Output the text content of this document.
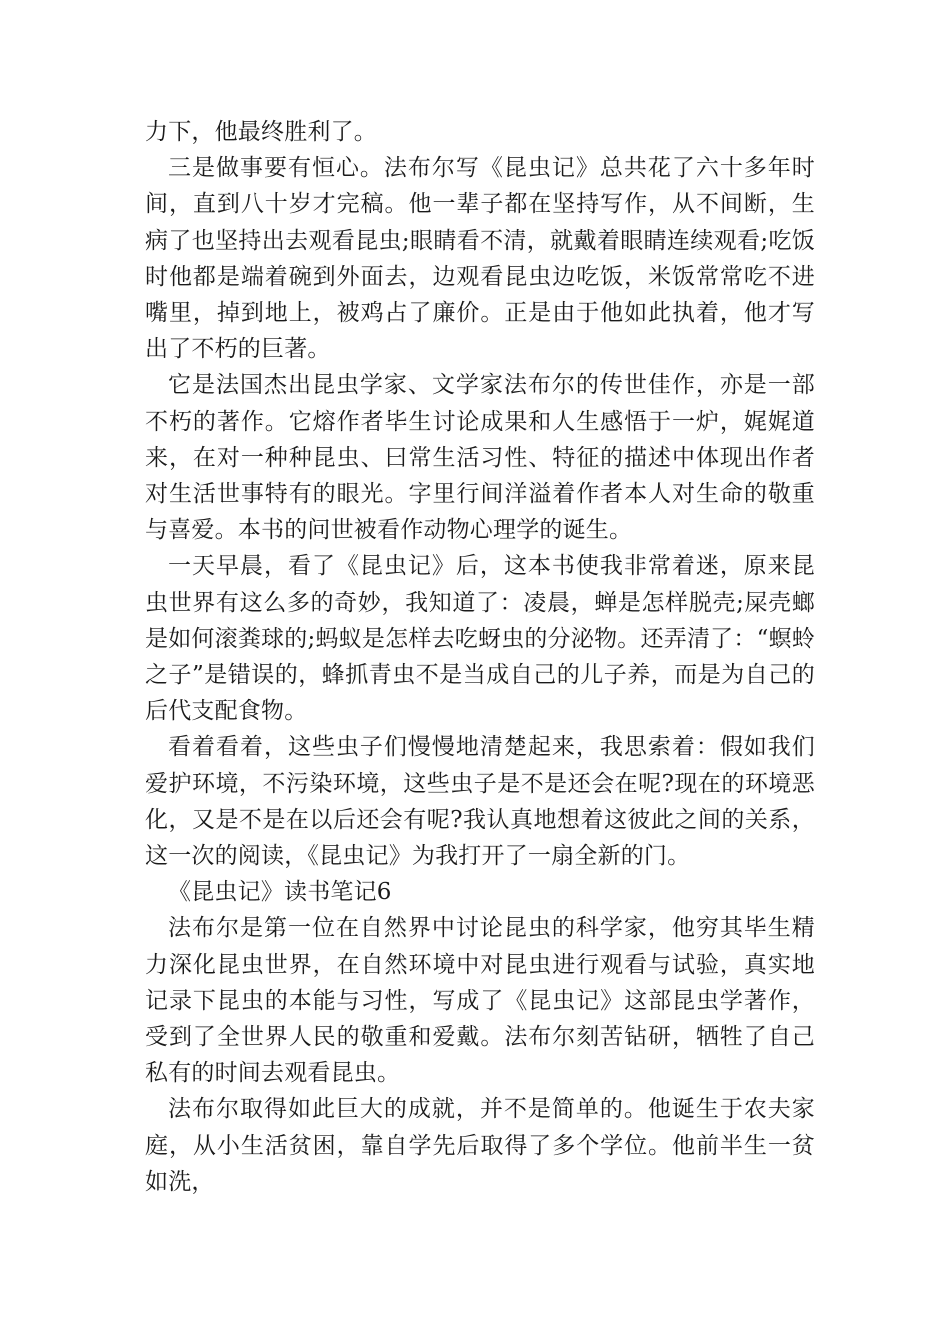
力下，他最终胜利了。

三是做事要有恒心。法布尔写《昆虫记》总共花了六十多年时间，直到八十岁才完稿。他一辈子都在坚持写作，从不间断，生病了也坚持出去观看昆虫;眼睛看不清，就戴着眼睛连续观看;吃饭时他都是端着碗到外面去，边观看昆虫边吃饭，米饭常常吃不进嘴里，掉到地上，被鸡占了廉价。正是由于他如此执着，他才写出了不朽的巨著。

它是法国杰出昆虫学家、文学家法布尔的传世佳作，亦是一部不朽的著作。它熔作者毕生讨论成果和人生感悟于一炉，娓娓道来，在对一种种昆虫、曰常生活习性、特征的描述中体现出作者对生活世事特有的眼光。字里行间洋溢着作者本人对生命的敬重与喜爱。本书的问世被看作动物心理学的诞生。

一天早晨，看了《昆虫记》后，这本书使我非常着迷，原来昆虫世界有这么多的奇妙，我知道了：凌晨，蝉是怎样脱壳;屎壳螂是如何滚粪球的;蚂蚁是怎样去吃蚜虫的分泌物。还弄清了：“螟蛉之子”是错误的，蜂抓青虫不是当成自己的儿子养，而是为自己的后代支配食物。

看着看着，这些虫子们慢慢地清楚起来，我思索着：假如我们爱护环境，不污染环境，这些虫子是不是还会在呢?现在的环境恶化，又是不是在以后还会有呢?我认真地想着这彼此之间的关系，这一次的阅读，《昆虫记》为我打开了一扇全新的门。

《昆虫记》读书笔记6

法布尔是第一位在自然界中讨论昆虫的科学家，他穷其毕生精力深化昆虫世界，在自然环境中对昆虫进行观看与试验，真实地记录下昆虫的本能与习性，写成了《昆虫记》这部昆虫学著作，受到了全世界人民的敬重和爱戴。法布尔刻苦钻研，牺牲了自己私有的时间去观看昆虫。

法布尔取得如此巨大的成就，并不是简单的。他诞生于农夫家庭，从小生活贫困，靠自学先后取得了多个学位。他前半生一贫如洗，
